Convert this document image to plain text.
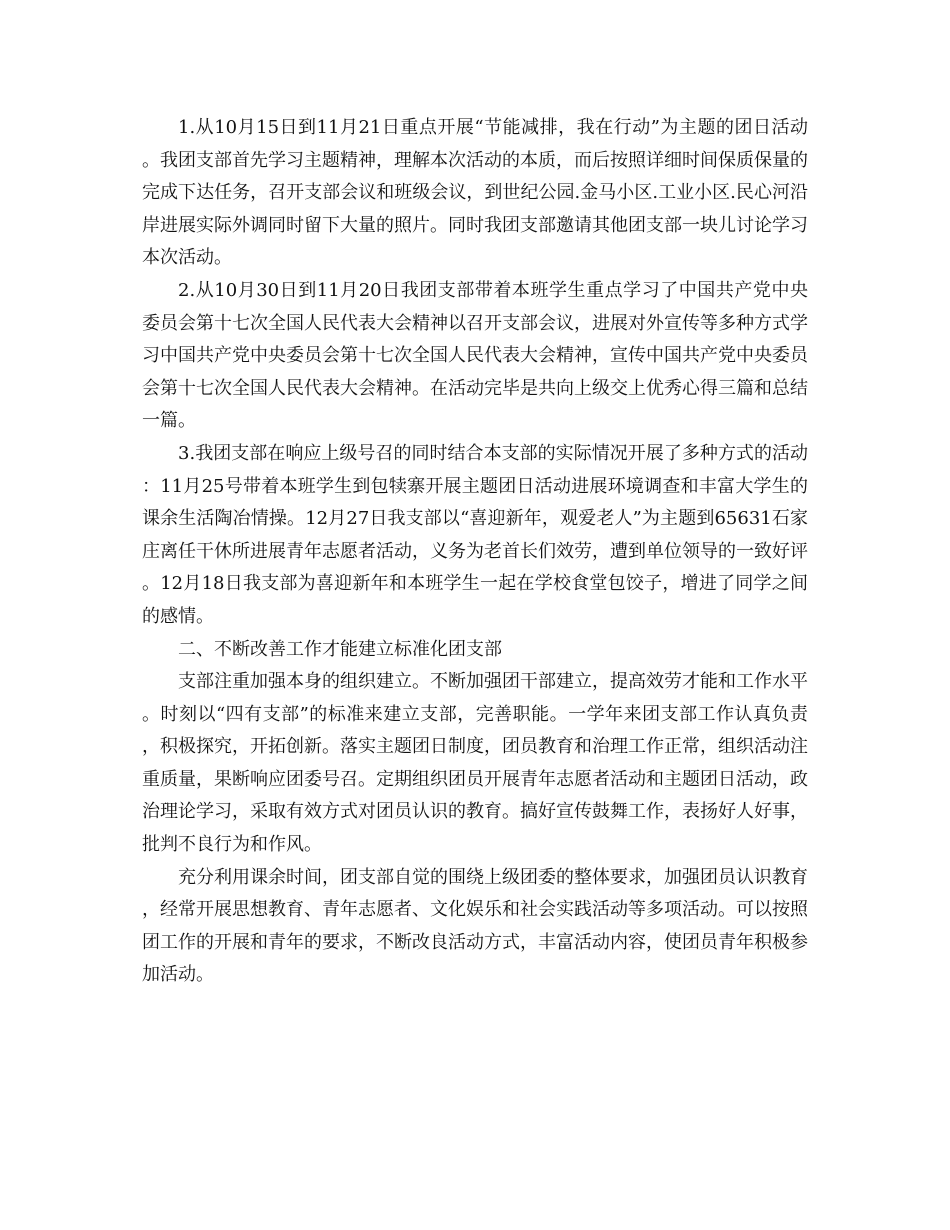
1.从10月15日到11月21日重点开展“节能减排，我在行动”为主题的团日活动。我团支部首先学习主题精神，理解本次活动的本质，而后按照详细时间保质保量的完成下达任务，召开支部会议和班级会议，到世纪公园.金马小区.工业小区.民心河沿岸进展实际外调同时留下大量的照片。同时我团支部邀请其他团支部一块儿讨论学习本次活动。

2.从10月30日到11月20日我团支部带着本班学生重点学习了中国共产党中央委员会第十七次全国人民代表大会精神以召开支部会议，进展对外宣传等多种方式学习中国共产党中央委员会第十七次全国人民代表大会精神，宣传中国共产党中央委员会第十七次全国人民代表大会精神。在活动完毕是共向上级交上优秀心得三篇和总结一篇。

3.我团支部在响应上级号召的同时结合本支部的实际情况开展了多种方式的活动：11月25号带着本班学生到包犊寨开展主题团日活动进展环境调查和丰富大学生的课余生活陶冶情操。12月27日我支部以“喜迎新年，观爱老人”为主题到65631石家庄离任干休所进展青年志愿者活动，义务为老首长们效劳，遭到单位领导的一致好评。12月18日我支部为喜迎新年和本班学生一起在学校食堂包饺子，增进了同学之间的感情。

二、不断改善工作才能建立标准化团支部

支部注重加强本身的组织建立。不断加强团干部建立，提高效劳才能和工作水平。时刻以“四有支部”的标准来建立支部，完善职能。一学年来团支部工作认真负责，积极探究，开拓创新。落实主题团日制度，团员教育和治理工作正常，组织活动注重质量，果断响应团委号召。定期组织团员开展青年志愿者活动和主题团日活动，政治理论学习，采取有效方式对团员认识的教育。搞好宣传鼓舞工作，表扬好人好事，批判不良行为和作风。

充分利用课余时间，团支部自觉的围绕上级团委的整体要求，加强团员认识教育，经常开展思想教育、青年志愿者、文化娱乐和社会实践活动等多项活动。可以按照团工作的开展和青年的要求，不断改良活动方式，丰富活动内容，使团员青年积极参加活动。
